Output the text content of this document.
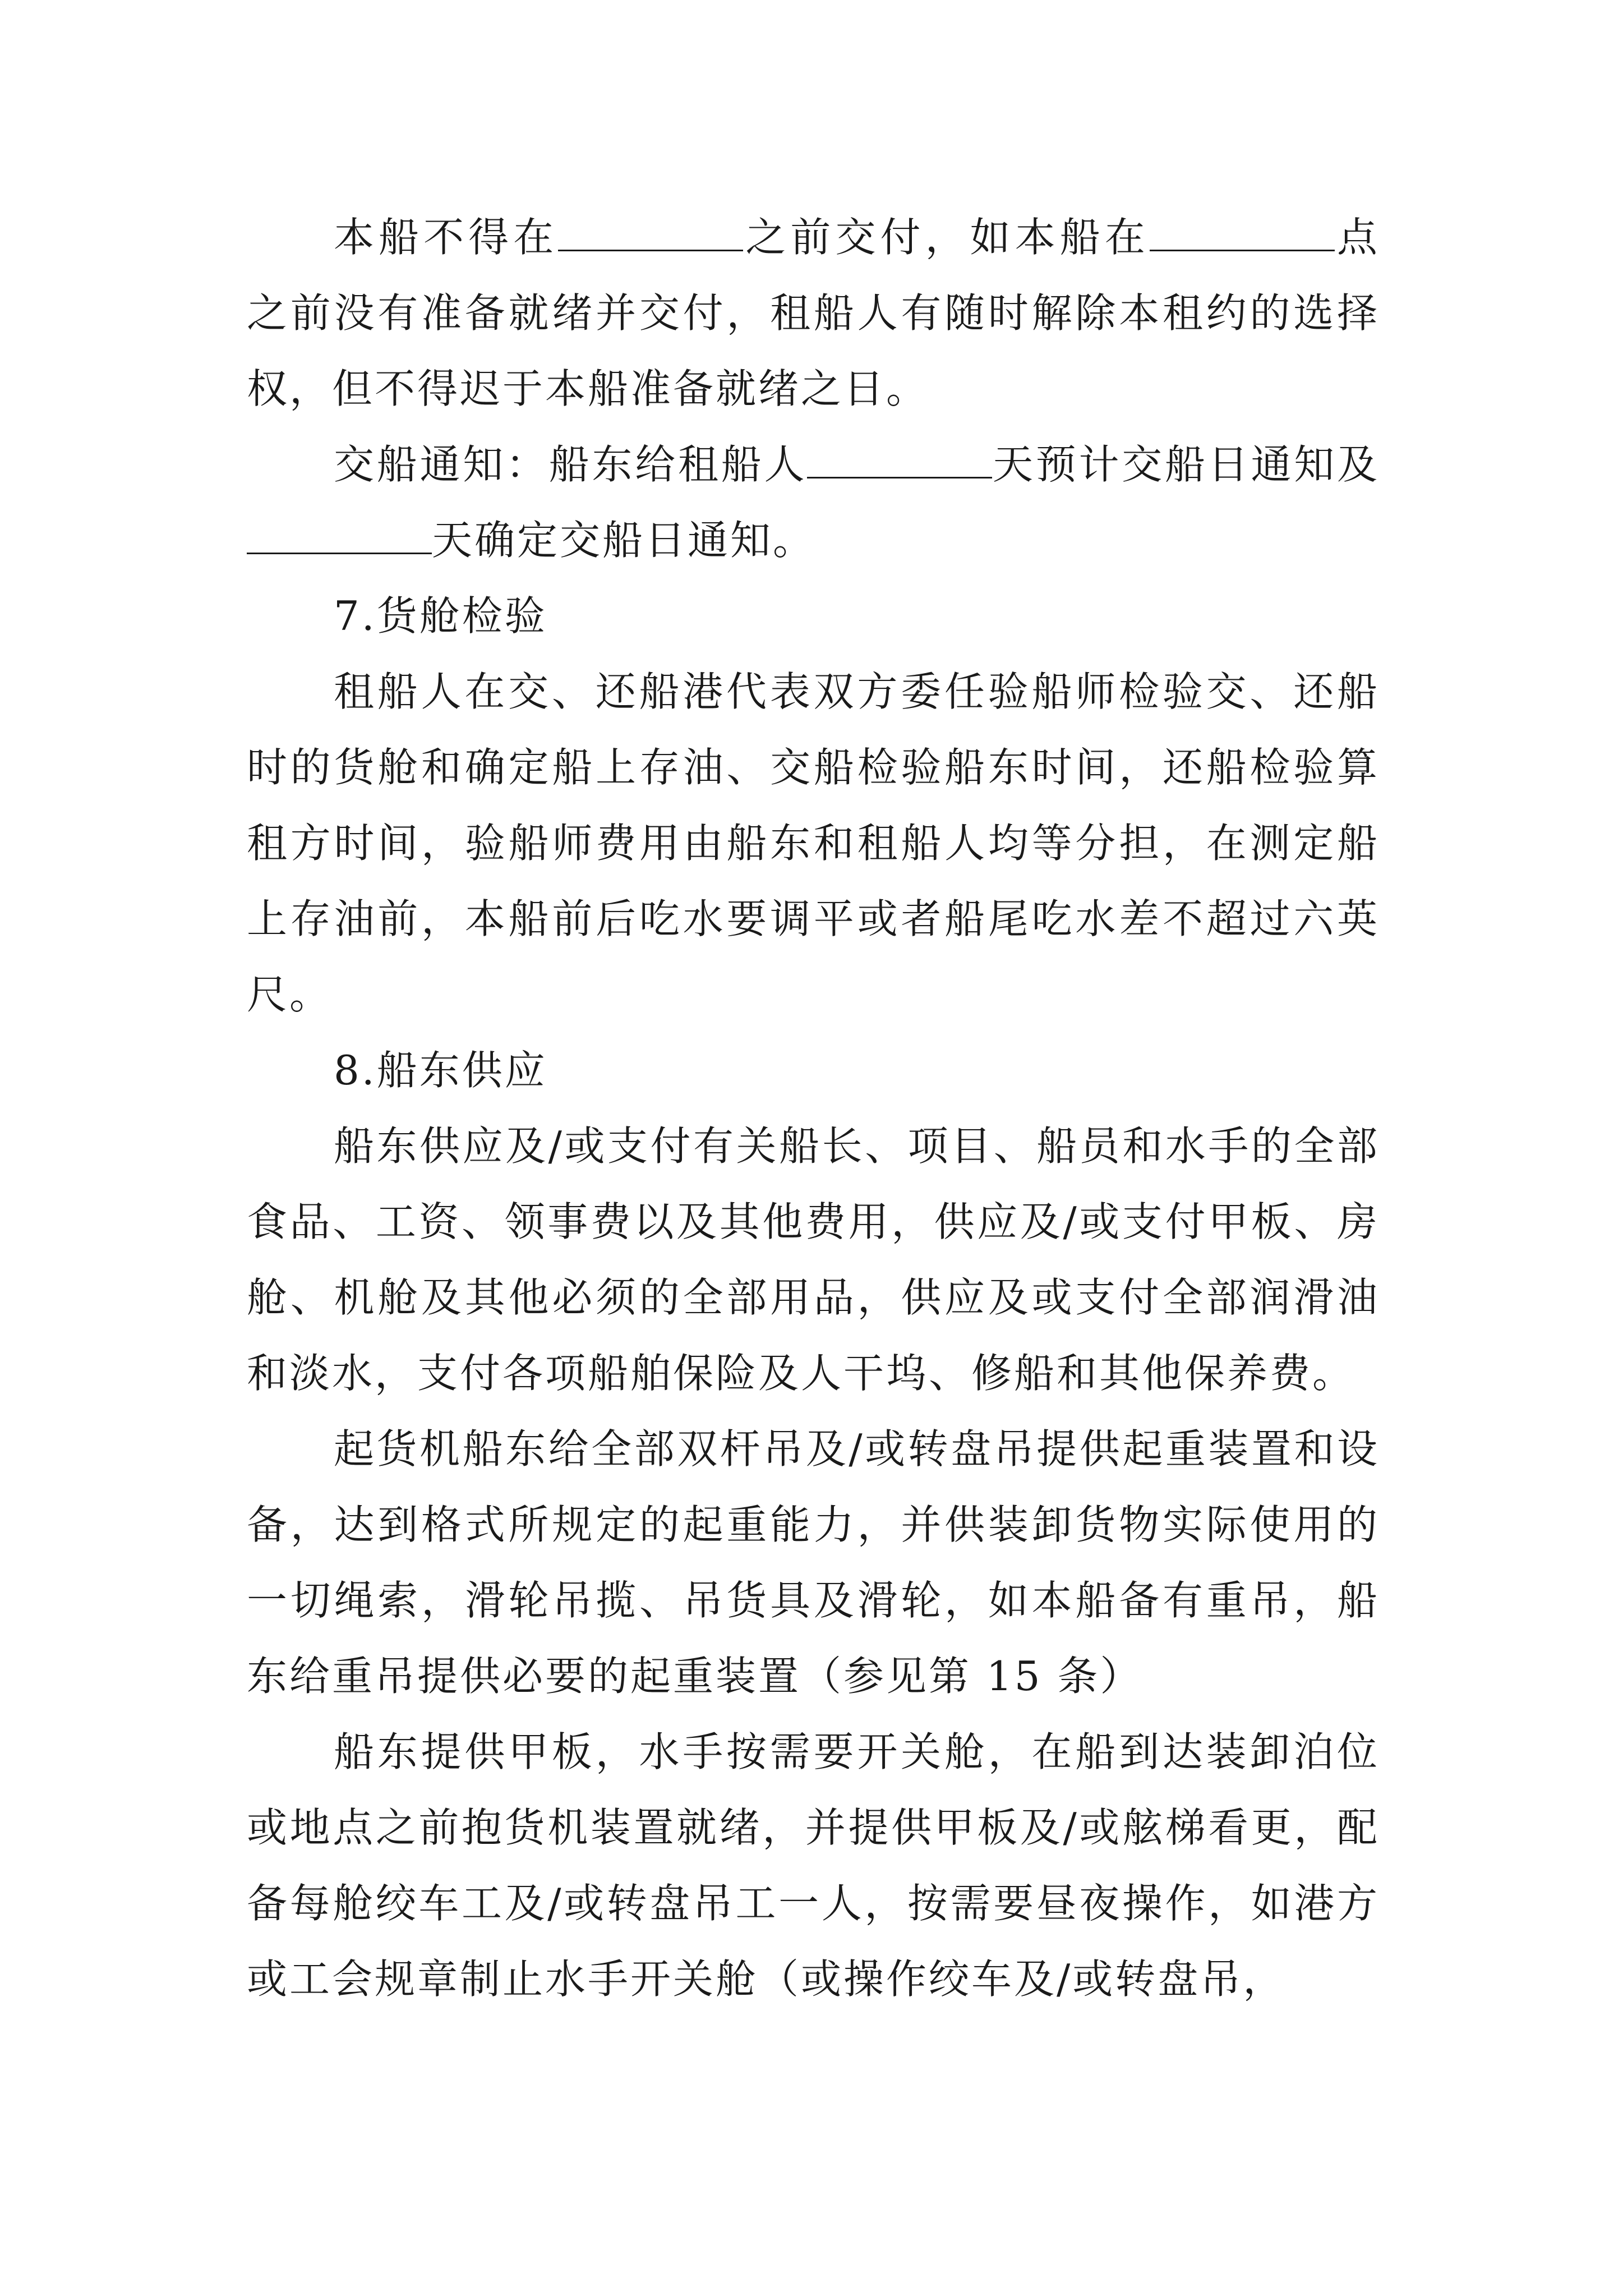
本船不得在	之前交付，如本船在	点之前没有准备就绪并交付，租船人有随时解除本租约的选择权，但不得迟于本船准备就绪之日。

交船通知：船东给租船人	天预计交船日通知及天确定交船日通知。

7.货舱检验

租船人在交、还船港代表双方委任验船师检验交、还船时的货舱和确定船上存油、交船检验船东时间，还船检验算租方时间，验船师费用由船东和租船人均等分担，在测定船上存油前，本船前后吃水要调平或者船尾吃水差不超过六英尺。

8.船东供应

船东供应及/或支付有关船长、项目、船员和水手的全部食品、工资、领事费以及其他费用，供应及/或支付甲板、房舱、机舱及其他必须的全部用品，供应及或支付全部润滑油和淡水，支付各项船舶保险及人干坞、修船和其他保养费。

起货机船东给全部双杆吊及/或转盘吊提供起重装置和设备，达到格式所规定的起重能力，并供装卸货物实际使用的一切绳索，滑轮吊揽、吊货具及滑轮，如本船备有重吊，船东给重吊提供必要的起重装置（参见第 15 条）

船东提供甲板，水手按需要开关舱，在船到达装卸泊位或地点之前抱货机装置就绪，并提供甲板及/或舷梯看更，配备每舱绞车工及/或转盘吊工一人，按需要昼夜操作，如港方或工会规章制止水手开关舱（或操作绞车及/或转盘吊，
